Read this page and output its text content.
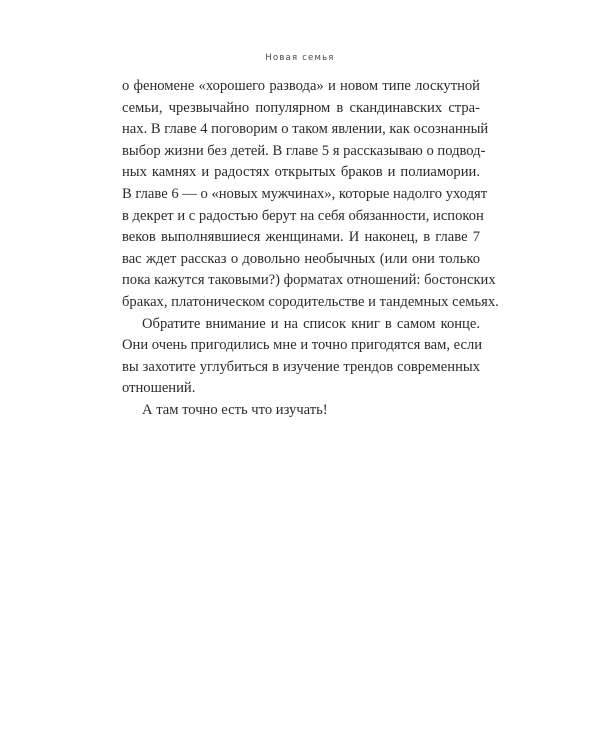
Новая семья
о феномене «хорошего развода» и новом типе лоскутной
семьи, чрезвычайно популярном в скандинавских стра-
нах. В главе 4 поговорим о таком явлении, как осознанный
выбор жизни без детей. В главе 5 я рассказываю о подвод-
ных камнях и радостях открытых браков и полиамории.
В главе 6 — о «новых мужчинах», которые надолго уходят
в декрет и с радостью берут на себя обязанности, испокон
веков выполнявшиеся женщинами. И наконец, в главе 7
вас ждет рассказ о довольно необычных (или они только
пока кажутся таковыми?) форматах отношений: бостонских
браках, платоническом сородительстве и тандемных семьях.
Обратите внимание и на список книг в самом конце.
Они очень пригодились мне и точно пригодятся вам, если
вы захотите углубиться в изучение трендов современных
отношений.
А там точно есть что изучать!
